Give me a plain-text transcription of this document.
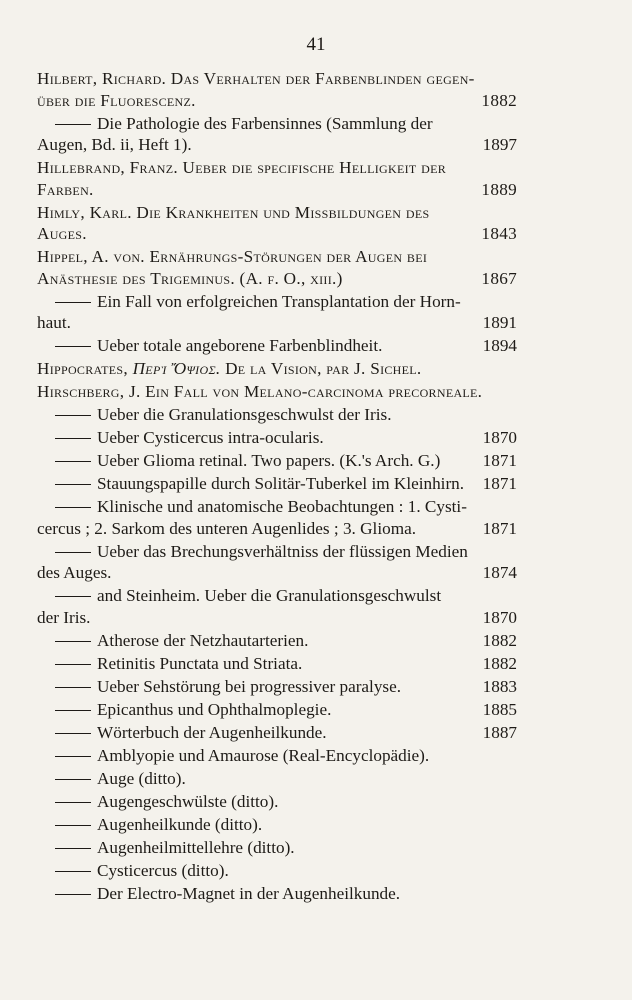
41
Hilbert, Richard. Das Verhalten der Farbenblinden gegen-
über die Fluorescenz.	1882
Die Pathologie des Farbensinnes (Sammlung der
Augen, Bd. ii, Heft 1).	1897
Hillebrand, Franz. Ueber die specifische Helligkeit der
Farben.	1889
Himly, Karl. Die Krankheiten und Missbildungen des
Auges.	1843
Hippel, A. von. Ernährungs-Störungen der Augen bei
Anästhesie des Trigeminus. (A. f. O., xiii.)	1867
Ein Fall von erfolgreichen Transplantation der Horn-
haut.	1891
Ueber totale angeborene Farbenblindheit.	1894
Hippocrates, Περὶ Ὄψιος. De la Vision, par J. Sichel.
Hirschberg, J. Ein Fall von Melano-carcinoma precorneale.
Ueber die Granulationsgeschwulst der Iris.
Ueber Cysticercus intra-ocularis.	1870
Ueber Glioma retinal. Two papers. (K.'s Arch. G.)	1871
Stauungspapille durch Solitär-Tuberkel im Kleinhirn.	1871
Klinische und anatomische Beobachtungen : 1. Cysti-
cercus ; 2. Sarkom des unteren Augenlides ; 3. Glioma.	1871
Ueber das Brechungsverhältniss der flüssigen Medien
des Auges.	1874
and Steinheim. Ueber die Granulationsgeschwulst
der Iris.	1870
Atherose der Netzhautarterien.	1882
Retinitis Punctata und Striata.	1882
Ueber Sehstörung bei progressiver paralyse.	1883
Epicanthus und Ophthalmoplegie.	1885
Wörterbuch der Augenheilkunde.	1887
Amblyopie und Amaurose (Real-Encyclopädie).
Auge (ditto).
Augengeschwülste (ditto).
Augenheilkunde (ditto).
Augenheilmittellehre (ditto).
Cysticercus (ditto).
Der Electro-Magnet in der Augenheilkunde.
